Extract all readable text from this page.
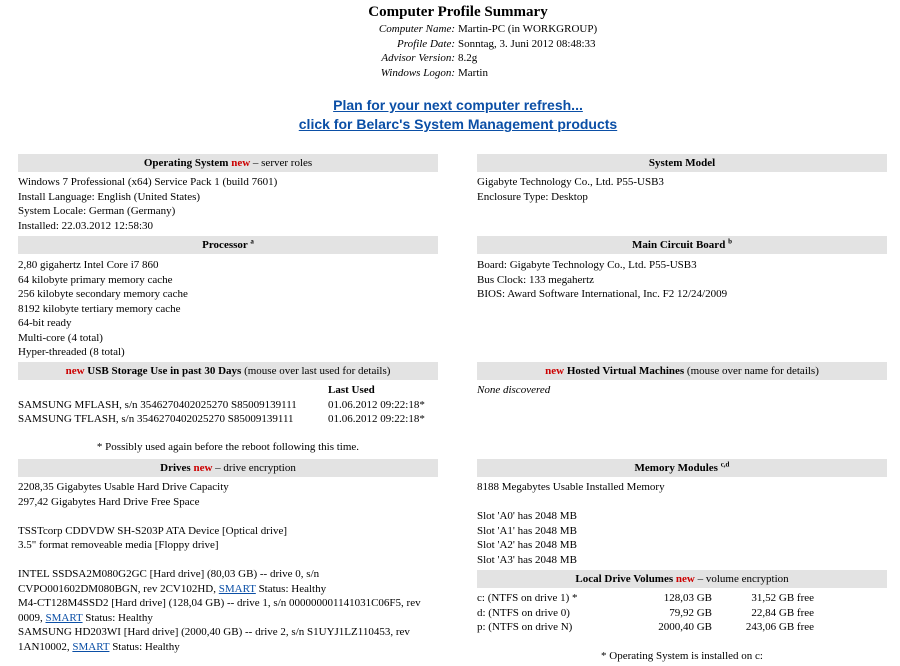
Computer Profile Summary
Computer Name: Martin-PC (in WORKGROUP)
Profile Date: Sonntag, 3. Juni 2012 08:48:33
Advisor Version: 8.2g
Windows Logon: Martin
Plan for your next computer refresh...
click for Belarc's System Management products
Operating System new – server roles
Windows 7 Professional (x64) Service Pack 1 (build 7601)
Install Language: English (United States)
System Locale: German (Germany)
Installed: 22.03.2012 12:58:30
System Model
Gigabyte Technology Co., Ltd. P55-USB3
Enclosure Type: Desktop
Processor $^a$
2,80 gigahertz Intel Core i7 860
64 kilobyte primary memory cache
256 kilobyte secondary memory cache
8192 kilobyte tertiary memory cache
64-bit ready
Multi-core (4 total)
Hyper-threaded (8 total)
Main Circuit Board $^b$
Board: Gigabyte Technology Co., Ltd. P55-USB3
Bus Clock: 133 megahertz
BIOS: Award Software International, Inc. F2 12/24/2009
new USB Storage Use in past 30 Days (mouse over last used for details)
Last Used
SAMSUNG MFLASH, s/n 3546270402025270 S85009139111	01.06.2012 09:22:18*
SAMSUNG TFLASH, s/n 3546270402025270 S85009139111	01.06.2012 09:22:18*
* Possibly used again before the reboot following this time.
new Hosted Virtual Machines (mouse over name for details)
None discovered
Drives new – drive encryption
2208,35 Gigabytes Usable Hard Drive Capacity
297,42 Gigabytes Hard Drive Free Space
TSSTcorp CDDVDW SH-S203P ATA Device [Optical drive]
3.5" format removeable media [Floppy drive]
INTEL SSDSA2M080G2GC [Hard drive] (80,03 GB) -- drive 0, s/n
CVPO001602DM080BGN, rev 2CV102HD, SMART Status: Healthy
M4-CT128M4SSD2 [Hard drive] (128,04 GB) -- drive 1, s/n 000000001141031C06F5, rev
0009, SMART Status: Healthy
SAMSUNG HD203WI [Hard drive] (2000,40 GB) -- drive 2, s/n S1UYJ1LZ110453, rev
1AN10002, SMART Status: Healthy
Memory Modules $^{c,d}$
8188 Megabytes Usable Installed Memory
Slot 'A0' has 2048 MB
Slot 'A1' has 2048 MB
Slot 'A2' has 2048 MB
Slot 'A3' has 2048 MB
Local Drive Volumes new – volume encryption
c: (NTFS on drive 1) *	128,03 GB	31,52 GB free
d: (NTFS on drive 0)	79,92 GB	22,84 GB free
p: (NTFS on drive N)	2000,40 GB	243,06 GB free
* Operating System is installed on c:
